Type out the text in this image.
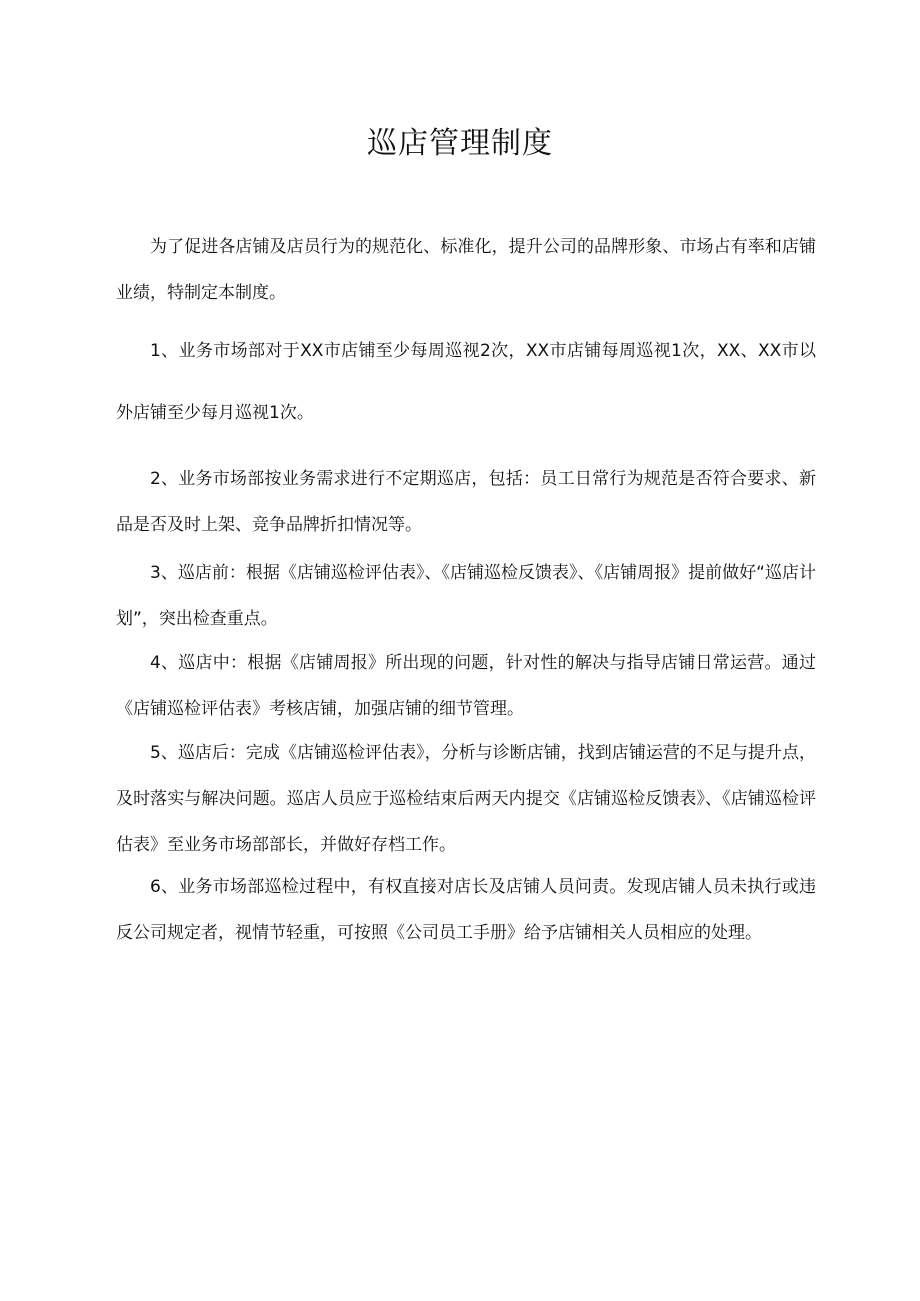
巡店管理制度

为了促进各店铺及店员行为的规范化、标准化，提升公司的品牌形象、市场占有率和店铺业绩，特制定本制度。

1、业务市场部对于XX市店铺至少每周巡视2次，XX市店铺每周巡视1次，XX、XX市以外店铺至少每月巡视1次。

2、业务市场部按业务需求进行不定期巡店，包括：员工日常行为规范是否符合要求、新品是否及时上架、竞争品牌折扣情况等。

3、巡店前：根据《店铺巡检评估表》、《店铺巡检反馈表》、《店铺周报》提前做好“巡店计划”，突出检查重点。

4、巡店中：根据《店铺周报》所出现的问题，针对性的解决与指导店铺日常运营。通过《店铺巡检评估表》考核店铺，加强店铺的细节管理。

5、巡店后：完成《店铺巡检评估表》，分析与诊断店铺，找到店铺运营的不足与提升点，及时落实与解决问题。巡店人员应于巡检结束后两天内提交《店铺巡检反馈表》、《店铺巡检评估表》至业务市场部部长，并做好存档工作。

6、业务市场部巡检过程中，有权直接对店长及店铺人员问责。发现店铺人员未执行或违反公司规定者，视情节轻重，可按照《公司员工手册》给予店铺相关人员相应的处理。
